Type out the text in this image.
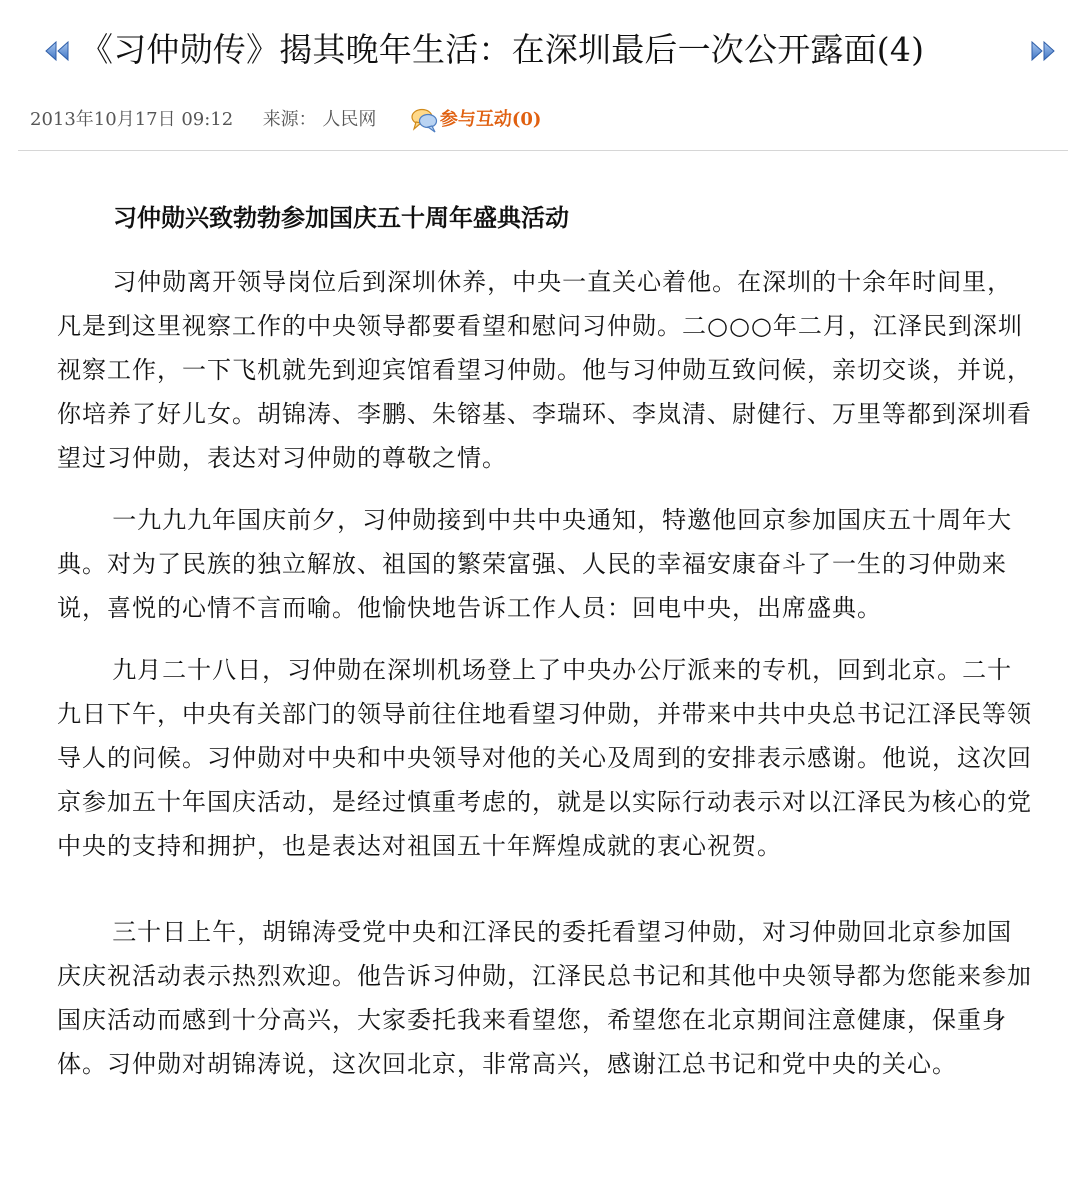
《习仲勋传》揭其晚年生活：在深圳最后一次公开露面(4)
2013年10月17日 09:12 来源： 人民网	参与互动(0)

习仲勋兴致勃勃参加国庆五十周年盛典活动

习仲勋离开领导岗位后到深圳休养，中央一直关心着他。在深圳的十余年时间里，凡是到这里视察工作的中央领导都要看望和慰问习仲勋。二○○○年二月，江泽民到深圳视察工作，一下飞机就先到迎宾馆看望习仲勋。他与习仲勋互致问候，亲切交谈，并说，你培养了好儿女。胡锦涛、李鹏、朱镕基、李瑞环、李岚清、尉健行、万里等都到深圳看望过习仲勋，表达对习仲勋的尊敬之情。

一九九九年国庆前夕，习仲勋接到中共中央通知，特邀他回京参加国庆五十周年大典。对为了民族的独立解放、祖国的繁荣富强、人民的幸福安康奋斗了一生的习仲勋来说，喜悦的心情不言而喻。他愉快地告诉工作人员：回电中央，出席盛典。

九月二十八日，习仲勋在深圳机场登上了中央办公厅派来的专机，回到北京。二十九日下午，中央有关部门的领导前往住地看望习仲勋，并带来中共中央总书记江泽民等领导人的问候。习仲勋对中央和中央领导对他的关心及周到的安排表示感谢。他说，这次回京参加五十年国庆活动，是经过慎重考虑的，就是以实际行动表示对以江泽民为核心的党中央的支持和拥护，也是表达对祖国五十年辉煌成就的衷心祝贺。

三十日上午，胡锦涛受党中央和江泽民的委托看望习仲勋，对习仲勋回北京参加国庆庆祝活动表示热烈欢迎。他告诉习仲勋，江泽民总书记和其他中央领导都为您能来参加国庆活动而感到十分高兴，大家委托我来看望您，希望您在北京期间注意健康，保重身体。习仲勋对胡锦涛说，这次回北京，非常高兴，感谢江总书记和党中央的关心。
